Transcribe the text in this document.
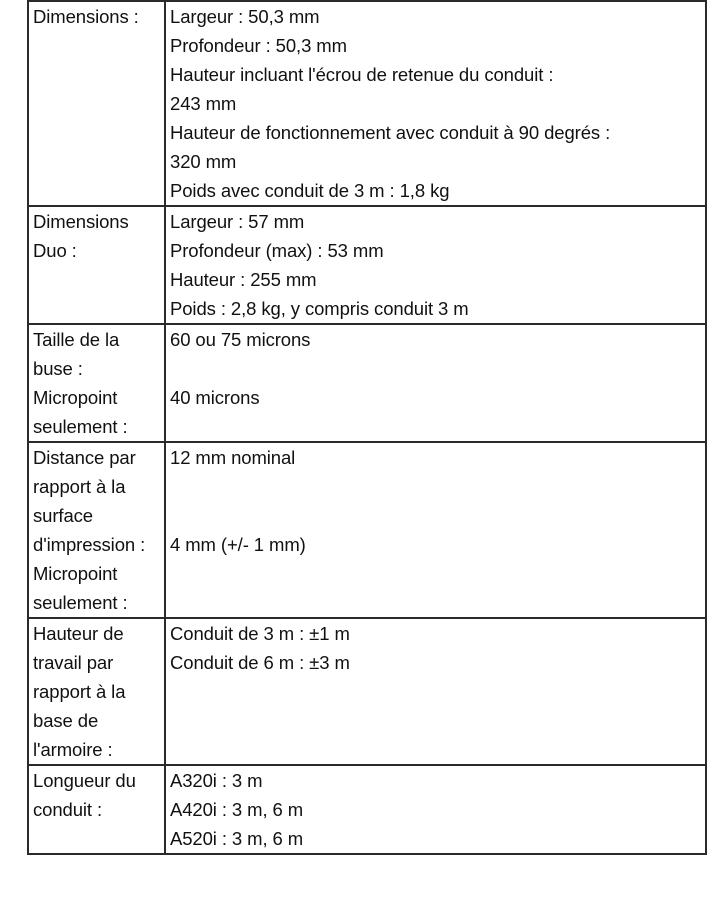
Dimensions :	Largeur : 50,3 mm
Profondeur : 50,3 mm
Hauteur incluant l'écrou de retenue du conduit :
243 mm
Hauteur de fonctionnement avec conduit à 90 degrés :
320 mm
Poids avec conduit de 3 m : 1,8 kg
Dimensions
Duo :
Largeur : 57 mm
Profondeur (max) : 53 mm
Hauteur : 255 mm
Poids : 2,8 kg, y compris conduit 3 m
Taille de la
buse :
Micropoint
seulement :
60 ou 75 microns
40 microns
Distance par
rapport à la
surface
d'impression :
Micropoint
seulement :
12 mm nominal
4 mm (+/- 1 mm)
Hauteur de
travail par
rapport à la
base de
l'armoire :
Conduit de 3 m : ±1 m
Conduit de 6 m : ±3 m
Longueur du
conduit :
A320i : 3 m
A420i : 3 m, 6 m
A520i : 3 m, 6 m
